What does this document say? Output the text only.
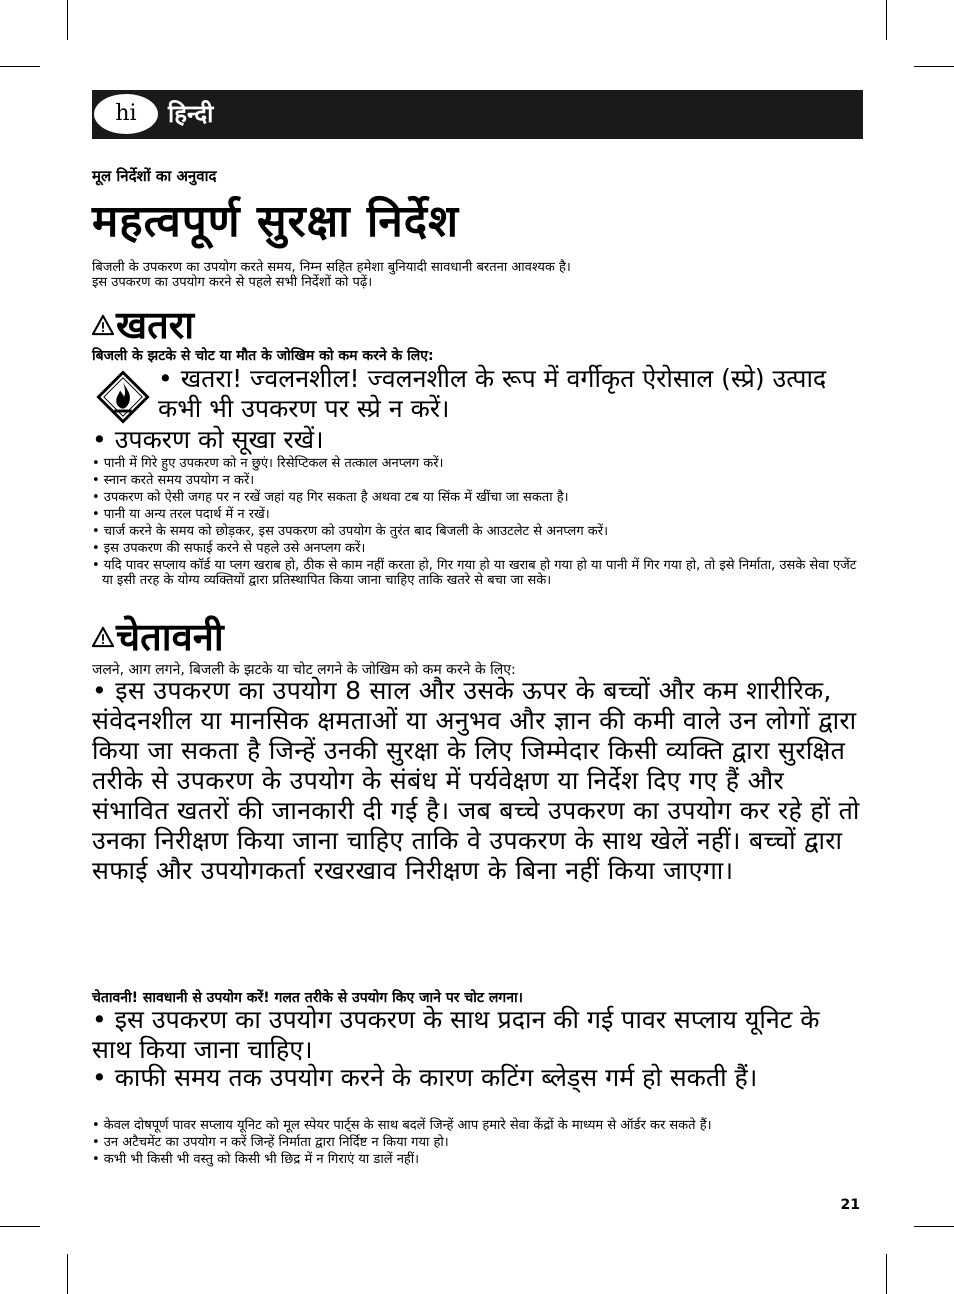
hi	हिन्दी

मूल निर्देशों का अनुवाद

महत्वपूर्ण सुरक्षा निर्देश
बिजली के उपकरण का उपयोग करते समय, निम्न सहित हमेशा बुनियादी सावधानी बरतना आवश्यक है।
इस उपकरण का उपयोग करने से पहले सभी निर्देशों को पढ़ें।
खतरा

बिजली के झटके से चोट या मौत के जोखिम को कम करने के लिए:

• खतरा! ज्वलनशील! ज्वलनशील के रूप में वर्गीकृत ऐरोसाल (स्प्रे) उत्पाद कभी भी उपकरण पर स्प्रे न करें।

• उपकरण को सूखा रखें।

• पानी में गिरे हुए उपकरण को न छुएं। रिसेप्टिकल से तत्काल अनप्लग करें।
• स्नान करते समय उपयोग न करें।
• उपकरण को ऐसी जगह पर न रखें जहां यह गिर सकता है अथवा टब या सिंक में खींचा जा सकता है।
• पानी या अन्य तरल पदार्थ में न रखें।
• चार्ज करने के समय को छोड़कर, इस उपकरण को उपयोग के तुरंत बाद बिजली के आउटलेट से अनप्लग करें।
• इस उपकरण की सफाई करने से पहले उसे अनप्लग करें।
• यदि पावर सप्लाय कॉर्ड या प्लग खराब हो, ठीक से काम नहीं करता हो, गिर गया हो या खराब हो गया हो या पानी में गिर गया हो, तो इसे निर्माता, उसके सेवा एजेंट या इसी तरह के योग्य व्यक्तियों द्वारा प्रतिस्थापित किया जाना चाहिए ताकि खतरे से बचा जा सके।
चेतावनी

जलने, आग लगने, बिजली के झटके या चोट लगने के जोखिम को कम करने के लिए:

• इस उपकरण का उपयोग 8 साल और उसके ऊपर के बच्चों और कम शारीरिक, संवेदनशील या मानसिक क्षमताओं या अनुभव और ज्ञान की कमी वाले उन लोगों द्वारा किया जा सकता है जिन्हें उनकी सुरक्षा के लिए जिम्मेदार किसी व्यक्ति द्वारा सुरक्षित तरीके से उपकरण के उपयोग के संबंध में पर्यवेक्षण या निर्देश दिए गए हैं और संभावित खतरों की जानकारी दी गई है। जब बच्चे उपकरण का उपयोग कर रहे हों तो उनका निरीक्षण किया जाना चाहिए ताकि वे उपकरण के साथ खेलें नहीं। बच्चों द्वारा सफाई और उपयोगकर्ता रखरखाव निरीक्षण के बिना नहीं किया जाएगा।

चेतावनी! सावधानी से उपयोग करें! गलत तरीके से उपयोग किए जाने पर चोट लगना।

• इस उपकरण का उपयोग उपकरण के साथ प्रदान की गई पावर सप्लाय यूनिट के साथ किया जाना चाहिए।

• काफी समय तक उपयोग करने के कारण कटिंग ब्लेड्स गर्म हो सकती हैं।

• केवल दोषपूर्ण पावर सप्लाय यूनिट को मूल स्पेयर पार्ट्स के साथ बदलें जिन्हें आप हमारे सेवा केंद्रों के माध्यम से ऑर्डर कर सकते हैं।
• उन अटैचमेंट का उपयोग न करें जिन्हें निर्माता द्वारा निर्दिष्ट न किया गया हो।
• कभी भी किसी भी वस्तु को किसी भी छिद्र में न गिराएं या डालें नहीं।
21
